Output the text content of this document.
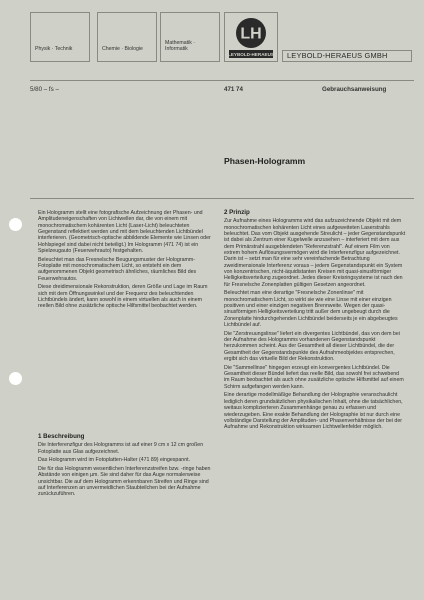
Physik · Technik	Chemie · Biologie
Mathematik · Informatik
LH
LEYBOLD-HERAEUS	LEYBOLD-HERAEUS GMBH
5/80 – fs –	471 74	Gebrauchsanweisung
Phasen-Hologramm

Ein Hologramm stellt eine fotografische Aufzeichnung der Phasen- und Amplitudeneigenschaften von Lichtwellen dar, die von einem mit monochromatischem kohärenten Licht (Laser-Licht) beleuchteten Gegenstand reflektiert werden und mit dem beleuchtenden Lichtbündel interferieren. (Geometrisch-optische abbildende Elemente wie Linsen oder Hohlspiegel sind dabei nicht beteiligt.) Im Hologramm (471 74) ist ein Spielzeugauto (Feuerwehrauto) festgehalten.

Beleuchtet man das Fresnelsche Beugungsmuster der Hologramm-Fotoplatte mit monochromatischem Licht, so entsteht ein dem aufgenommenen Objekt geometrisch ähnliches, räumliches Bild des Feuerwehrautos.

Diese dreidimensionale Rekonstruktion, deren Größe und Lage im Raum sich mit dem Öffnungswinkel und der Frequenz des beleuchtenden Lichtbündels ändert, kann sowohl in einem virtuellen als auch in einem reellen Bild ohne zusätzliche optische Hilfsmittel beobachtet werden.

1 Beschreibung

Die Interferenzfigur des Hologramms ist auf einer 9 cm x 12 cm großen Fotoplatte aus Glas aufgezeichnet.

Das Hologramm wird im Fotoplatten-Halter (471 89) eingespannt.

Die für das Hologramm wesentlichen Interferenzstreifen bzw. -ringe haben Abstände von einigen µm. Sie sind daher für das Auge normalerweise unsichtbar. Die auf dem Hologramm erkennbaren Streifen und Ringe sind auf Interferenzen an unvermeidlichen Staubteilchen bei der Aufnahme zurückzuführen.

2 Prinzip

Zur Aufnahme eines Hologramms wird das aufzuzeichnende Objekt mit dem monochromatischen kohärenten Licht eines aufgeweiteten Laserstrahls beleuchtet. Das vom Objekt ausgehende Streulicht – jeder Gegenstandspunkt ist dabei als Zentrum einer Kugelwelle anzusehen – interferiert mit dem aus dem Primärstrahl ausgeblendeten "Referenzstrahl". Auf einem Film von extrem hohem Auflösungsvermögen wird die Interferenzfigur aufgezeichnet. Darin ist – setzt man für eine sehr vereinfachende Betrachtung zweidimensionale Interferenz voraus – jedem Gegenstandspunkt ein System von konzentrischen, nicht-äquidistanten Kreisen mit quasi-sinusförmiger Helligkeitsverteilung zugeordnet. Jedes dieser Kreisringsysteme ist nach den für Fresnelsche Zonenplatten gültigen Gesetzen angeordnet.

Beleuchtet man eine derartige "Fresnelsche Zonenlinse" mit monochromatischem Licht, so wirkt sie wie eine Linse mit einer einzigen positiven und einer einzigen negativen Brennweite. Wegen der quasi-sinusförmigen Helligkeitsverteilung tritt außer dem ungebeugt durch die Zonenplatte hindurchgehenden Lichtbündel beiderseits je ein abgebeugtes Lichtbündel auf.

Die "Zerstreuungslinse" liefert ein divergentes Lichtbündel, das von dem bei der Aufnahme des Hologramms vorhandenen Gegenstandspunkt herzukommen scheint. Aus der Gesamtheit all dieser Lichtbündel, die der Gesamtheit der Gegenstandspunkte des Aufnahmeobjektes entsprechen, ergibt sich das virtuelle Bild der Rekonstruktion.

Die "Sammellinse" hingegen erzeugt ein konvergentes Lichtbündel. Die Gesamtheit dieser Bündel liefert das reelle Bild, das sowohl frei schwebend im Raum beobachtet als auch ohne zusätzliche optische Hilfsmittel auf einem Schirm aufgefangen werden kann.

Eine derartige modellmäßige Behandlung der Holographie veranschaulicht lediglich deren grundsätzlichen physikalischen Inhalt, ohne die tatsächlichen, weitaus komplizierteren Zusammenhänge genau zu erfassen und wiederzugeben. Eine exakte Behandlung der Holographie ist nur durch eine vollständige Darstellung der Amplituden- und Phasenverhältnisse der bei der Aufnahme und Rekonstruktion wirksamen Lichtwellenfelder möglich.
